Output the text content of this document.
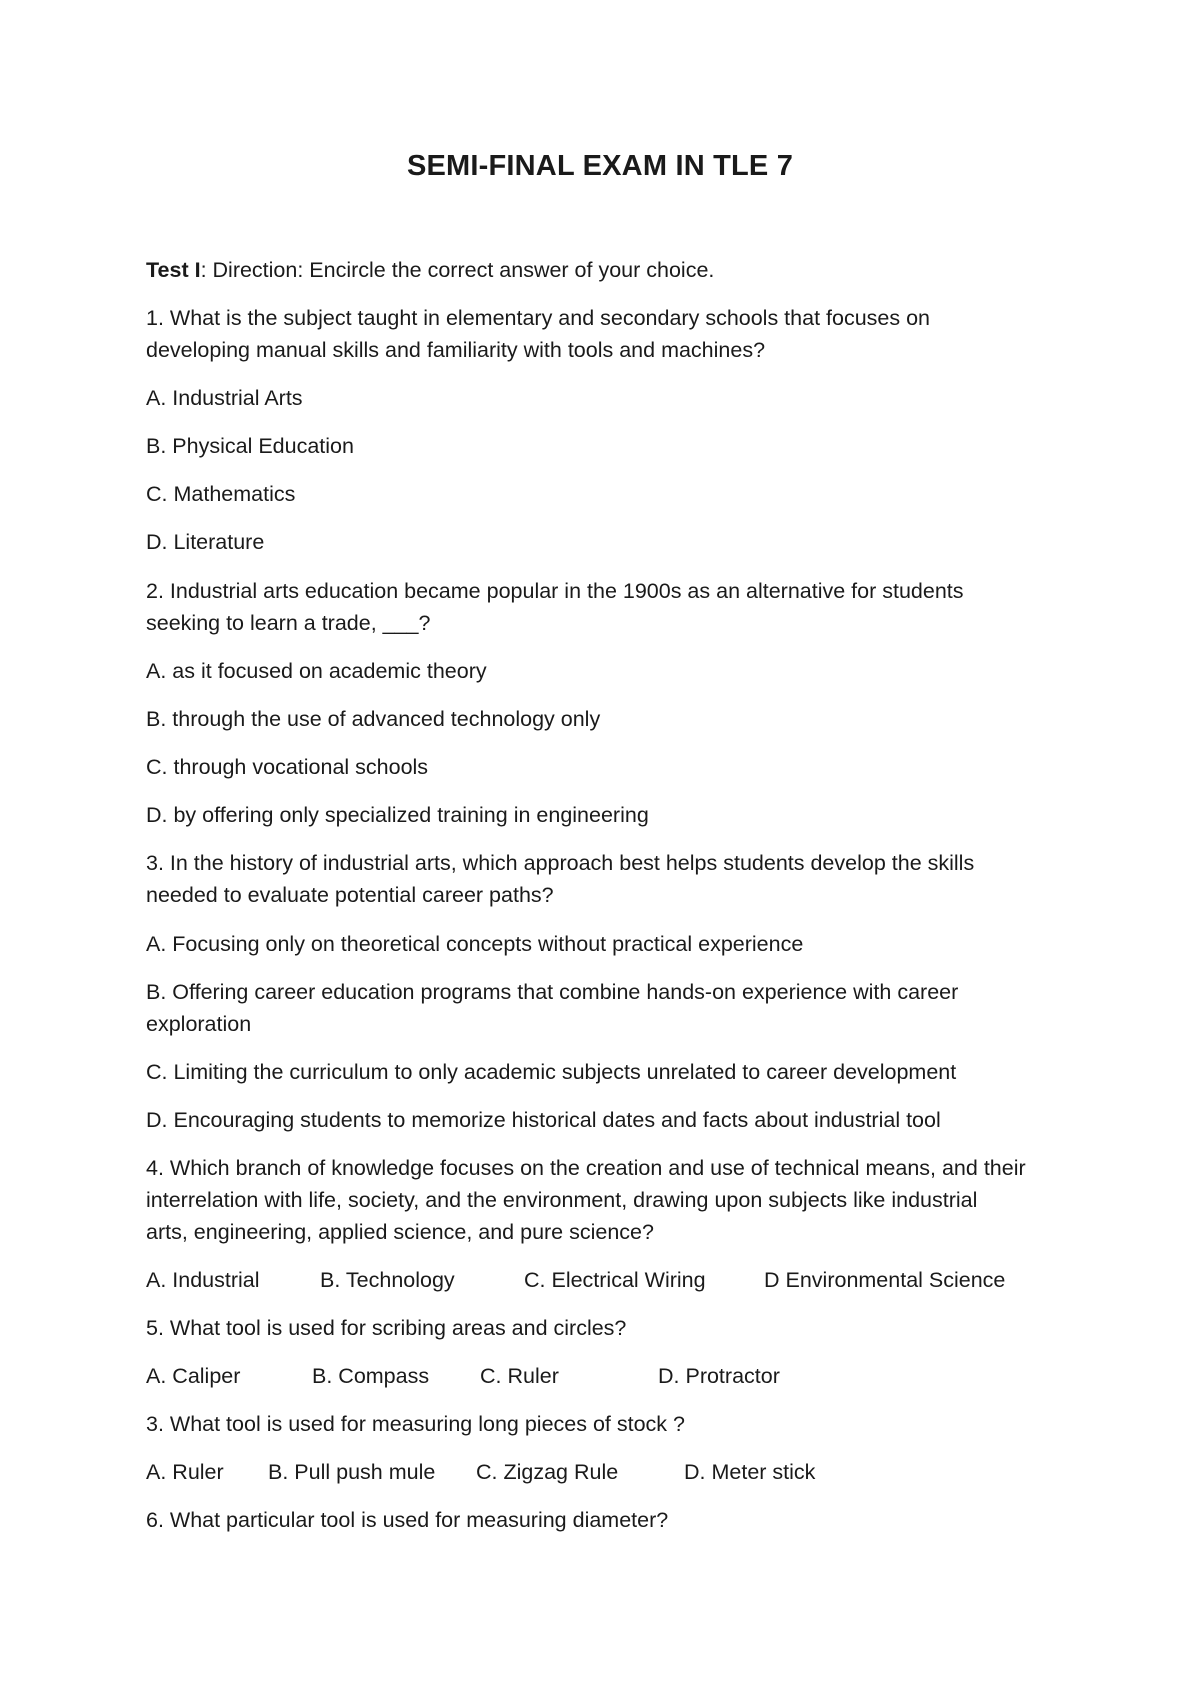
SEMI-FINAL EXAM IN TLE 7
Test I: Direction: Encircle the correct answer of your choice.
1. What is the subject taught in elementary and secondary schools that focuses on
developing manual skills and familiarity with tools and machines?
A. Industrial Arts
B. Physical Education
C. Mathematics
D. Literature
2. Industrial arts education became popular in the 1900s as an alternative for students
seeking to learn a trade, ___?
A. as it focused on academic theory
B. through the use of advanced technology only
C. through vocational schools
D. by offering only specialized training in engineering
3. In the history of industrial arts, which approach best helps students develop the skills
needed to evaluate potential career paths?
A. Focusing only on theoretical concepts without practical experience
B. Offering career education programs that combine hands-on experience with career
exploration
C. Limiting the curriculum to only academic subjects unrelated to career development
D. Encouraging students to memorize historical dates and facts about industrial tool
4. Which branch of knowledge focuses on the creation and use of technical means, and their
interrelation with life, society, and the environment, drawing upon subjects like industrial
arts, engineering, applied science, and pure science?
A. Industrial	B. Technology	C. Electrical Wiring	D Environmental Science
5. What tool is used for scribing areas and circles?
A. Caliper	B. Compass C. Ruler	D. Protractor
3. What tool is used for measuring long pieces of stock ?
A. Ruler B. Pull push mule C. Zigzag Rule	D. Meter stick
6. What particular tool is used for measuring diameter?
